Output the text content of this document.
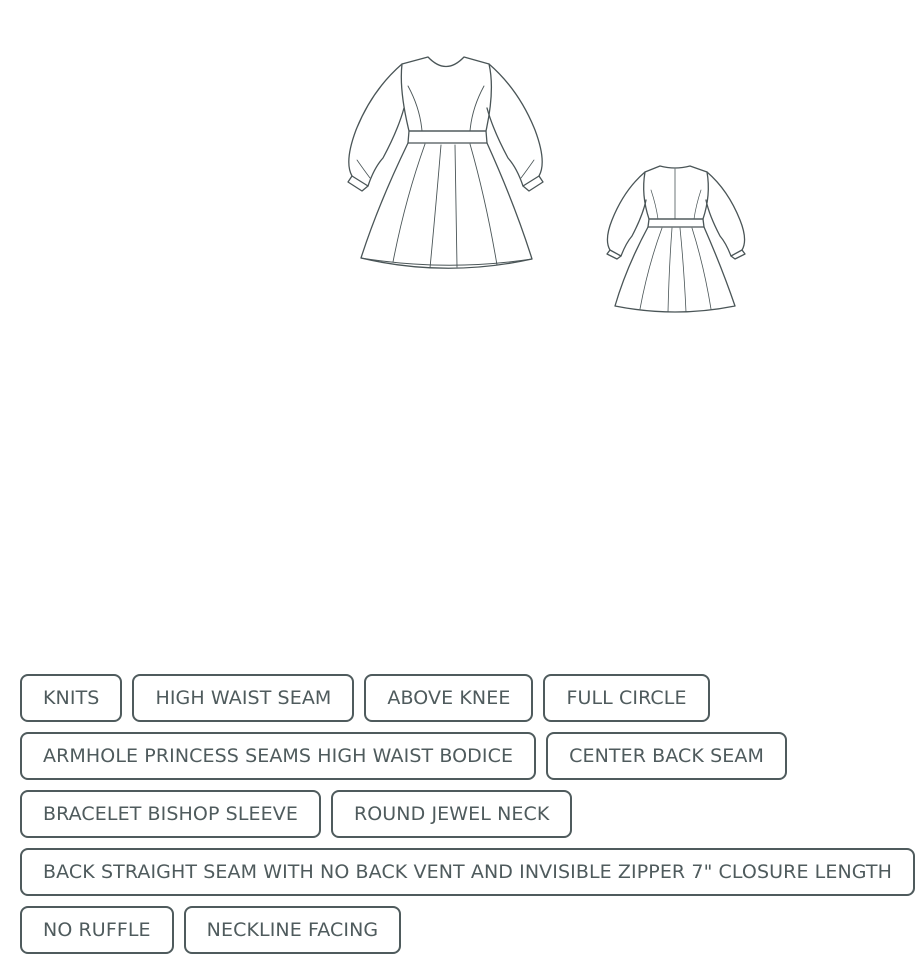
KNITS	HIGH WAIST SEAM	ABOVE KNEE	FULL CIRCLE
ARMHOLE PRINCESS SEAMS HIGH WAIST BODICE	CENTER BACK SEAM
BRACELET BISHOP SLEEVE	ROUND JEWEL NECK
BACK STRAIGHT SEAM WITH NO BACK VENT AND INVISIBLE ZIPPER 7" CLOSURE LENGTH
NO RUFFLE	NECKLINE FACING
